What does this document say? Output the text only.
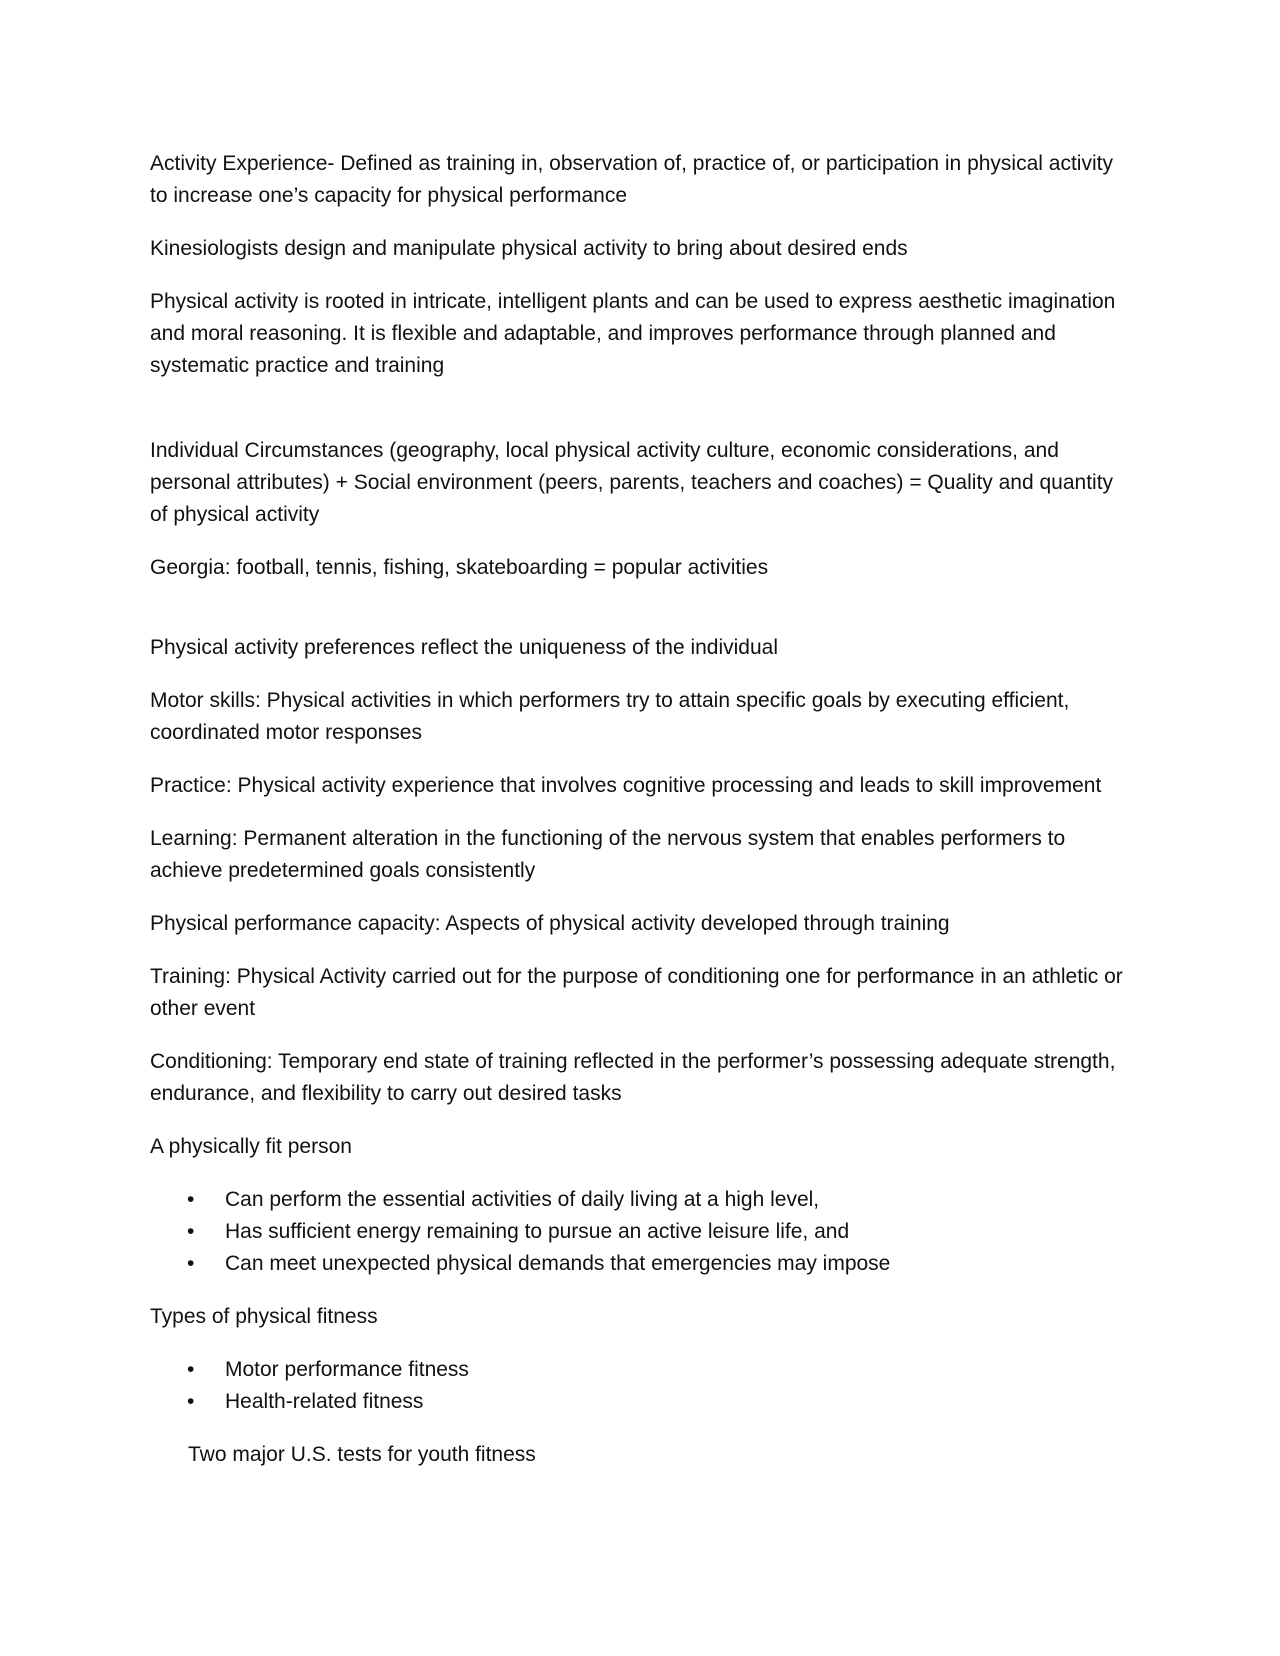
Activity Experience- Defined as training in, observation of, practice of, or participation in physical activity to increase one’s capacity for physical performance

Kinesiologists design and manipulate physical activity to bring about desired ends

Physical activity is rooted in intricate, intelligent plants and can be used to express aesthetic imagination and moral reasoning. It is flexible and adaptable, and improves performance through planned and systematic practice and training

Individual Circumstances (geography, local physical activity culture, economic considerations, and personal attributes) + Social environment (peers, parents, teachers and coaches) = Quality and quantity of physical activity

Georgia: football, tennis, fishing, skateboarding = popular activities

Physical activity preferences reflect the uniqueness of the individual

Motor skills: Physical activities in which performers try to attain specific goals by executing efficient, coordinated motor responses

Practice: Physical activity experience that involves cognitive processing and leads to skill improvement

Learning: Permanent alteration in the functioning of the nervous system that enables performers to achieve predetermined goals consistently

Physical performance capacity: Aspects of physical activity developed through training

Training: Physical Activity carried out for the purpose of conditioning one for performance in an athletic or other event

Conditioning: Temporary end state of training reflected in the performer’s possessing adequate strength, endurance, and flexibility to carry out desired tasks

A physically fit person

• Can perform the essential activities of daily living at a high level,
• Has sufficient energy remaining to pursue an active leisure life, and
• Can meet unexpected physical demands that emergencies may impose

Types of physical fitness

• Motor performance fitness
• Health-related fitness

Two major U.S. tests for youth fitness
